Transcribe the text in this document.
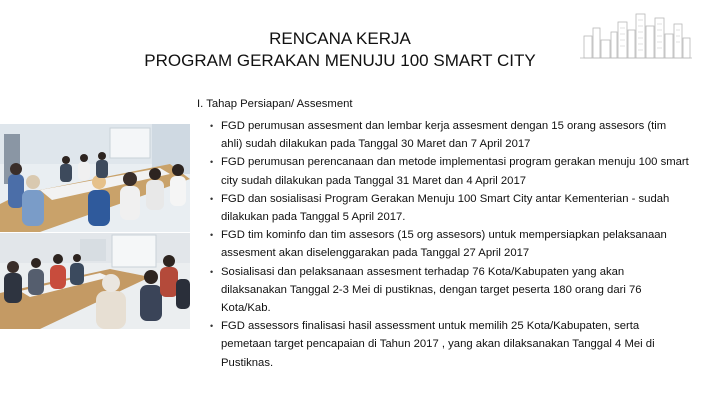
RENCANA KERJA
PROGRAM GERAKAN MENUJU 100 SMART CITY
I. Tahap Persiapan/ Assesment
• FGD perumusan assesment dan lembar kerja assesment dengan 15 orang assesors (tim ahli) sudah dilakukan pada Tanggal 30 Maret dan 7 April 2017
• FGD perumusan perencanaan dan metode implementasi program gerakan menuju 100 smart city sudah dilakukan pada Tanggal 31 Maret dan 4 April 2017
• FGD dan sosialisasi Program Gerakan Menuju 100 Smart City antar Kementerian - sudah dilakukan pada Tanggal 5 April 2017.
• FGD tim kominfo dan tim assesors (15 org assesors) untuk mempersiapkan pelaksanaan assesment akan diselenggarakan pada Tanggal 27 April 2017
• Sosialisasi dan pelaksanaan assesment terhadap 76 Kota/Kabupaten yang akan dilaksanakan Tanggal 2-3 Mei di pustiknas, dengan target peserta 180 orang dari 76 Kota/Kab.
• FGD assessors finalisasi hasil assessment untuk memilih 25 Kota/Kabupaten, serta pemetaan target pencapaian di Tahun 2017 , yang akan dilaksanakan Tanggal 4 Mei di Pustiknas.
